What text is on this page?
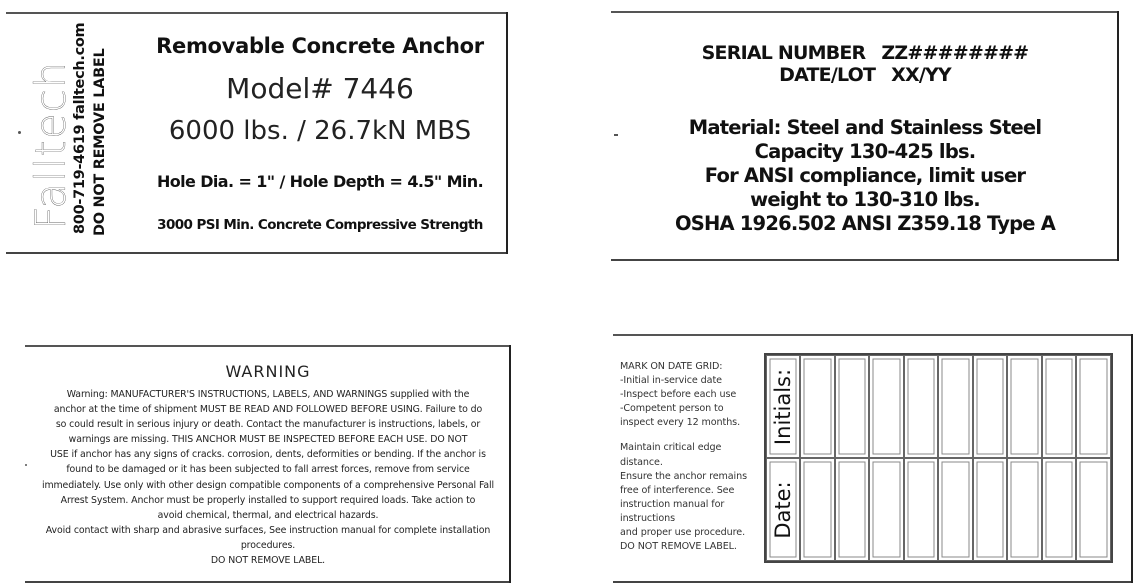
Falltech
800-719-4619 falltech.com DO NOT REMOVE LABEL
Removable Concrete Anchor
Model# 7446
6000 lbs. / 26.7kN MBS
Hole Dia. = 1" / Hole Depth = 4.5" Min.
3000 PSI Min. Concrete Compressive Strength
SERIAL NUMBER ZZ########
DATE/LOT XX/YY
Material: Steel and Stainless Steel
Capacity 130-425 lbs.
For ANSI compliance, limit user
weight to 130-310 lbs.
OSHA 1926.502 ANSI Z359.18 Type A
WARNING
Warning: MANUFACTURER'S INSTRUCTIONS, LABELS, AND WARNINGS supplied with the
anchor at the time of shipment MUST BE READ AND FOLLOWED BEFORE USING. Failure to do
so could result in serious injury or death. Contact the manufacturer is instructions, labels, or
warnings are missing. THIS ANCHOR MUST BE INSPECTED BEFORE EACH USE. DO NOT
USE if anchor has any signs of cracks. corrosion, dents, deformities or bending. If the anchor is
found to be damaged or it has been subjected to fall arrest forces, remove from service
immediately. Use only with other design compatible components of a comprehensive Personal Fall
Arrest System. Anchor must be properly installed to support required loads. Take action to
avoid chemical, thermal, and electrical hazards.
Avoid contact with sharp and abrasive surfaces, See instruction manual for complete installation
procedures.
DO NOT REMOVE LABEL.
MARK ON DATE GRID:
-Initial in-service date
-Inspect before each use
-Competent person to
inspect every 12 months.
Maintain critical edge
distance.
Ensure the anchor remains
free of interference. See
instruction manual for
instructions
and proper use procedure.
DO NOT REMOVE LABEL.
Initials:
Date:
